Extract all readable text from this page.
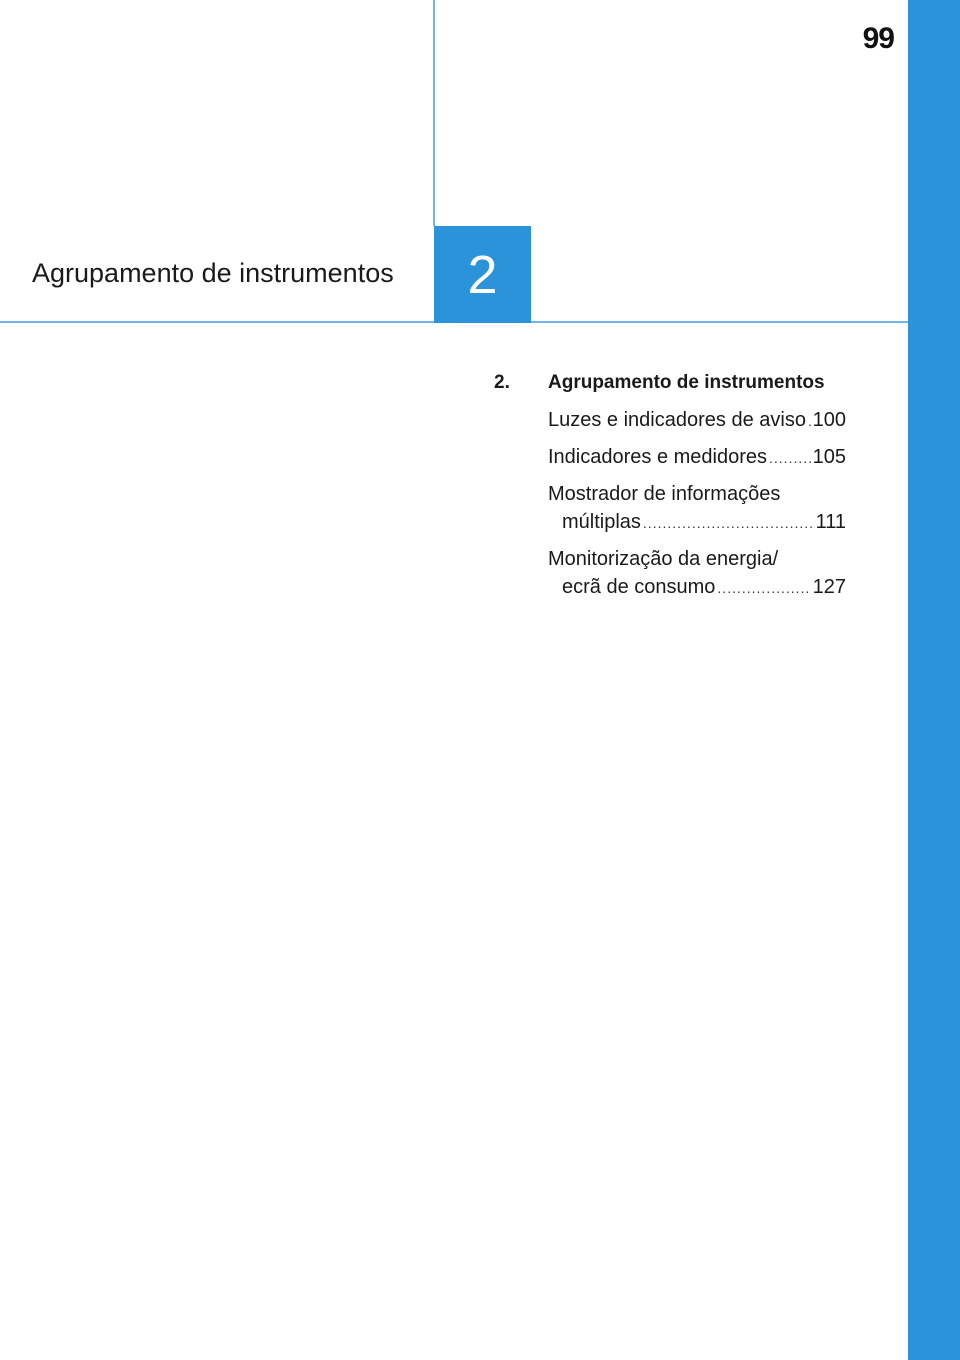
99
Agrupamento de instrumentos 2
2.	Agrupamento de instrumentos
Luzes e indicadores de aviso ..... 100
Indicadores e medidores ..... 105
Mostrador de informações
múltiplas .....	111
Monitorização da energia/
ecrã de consumo .....	127
